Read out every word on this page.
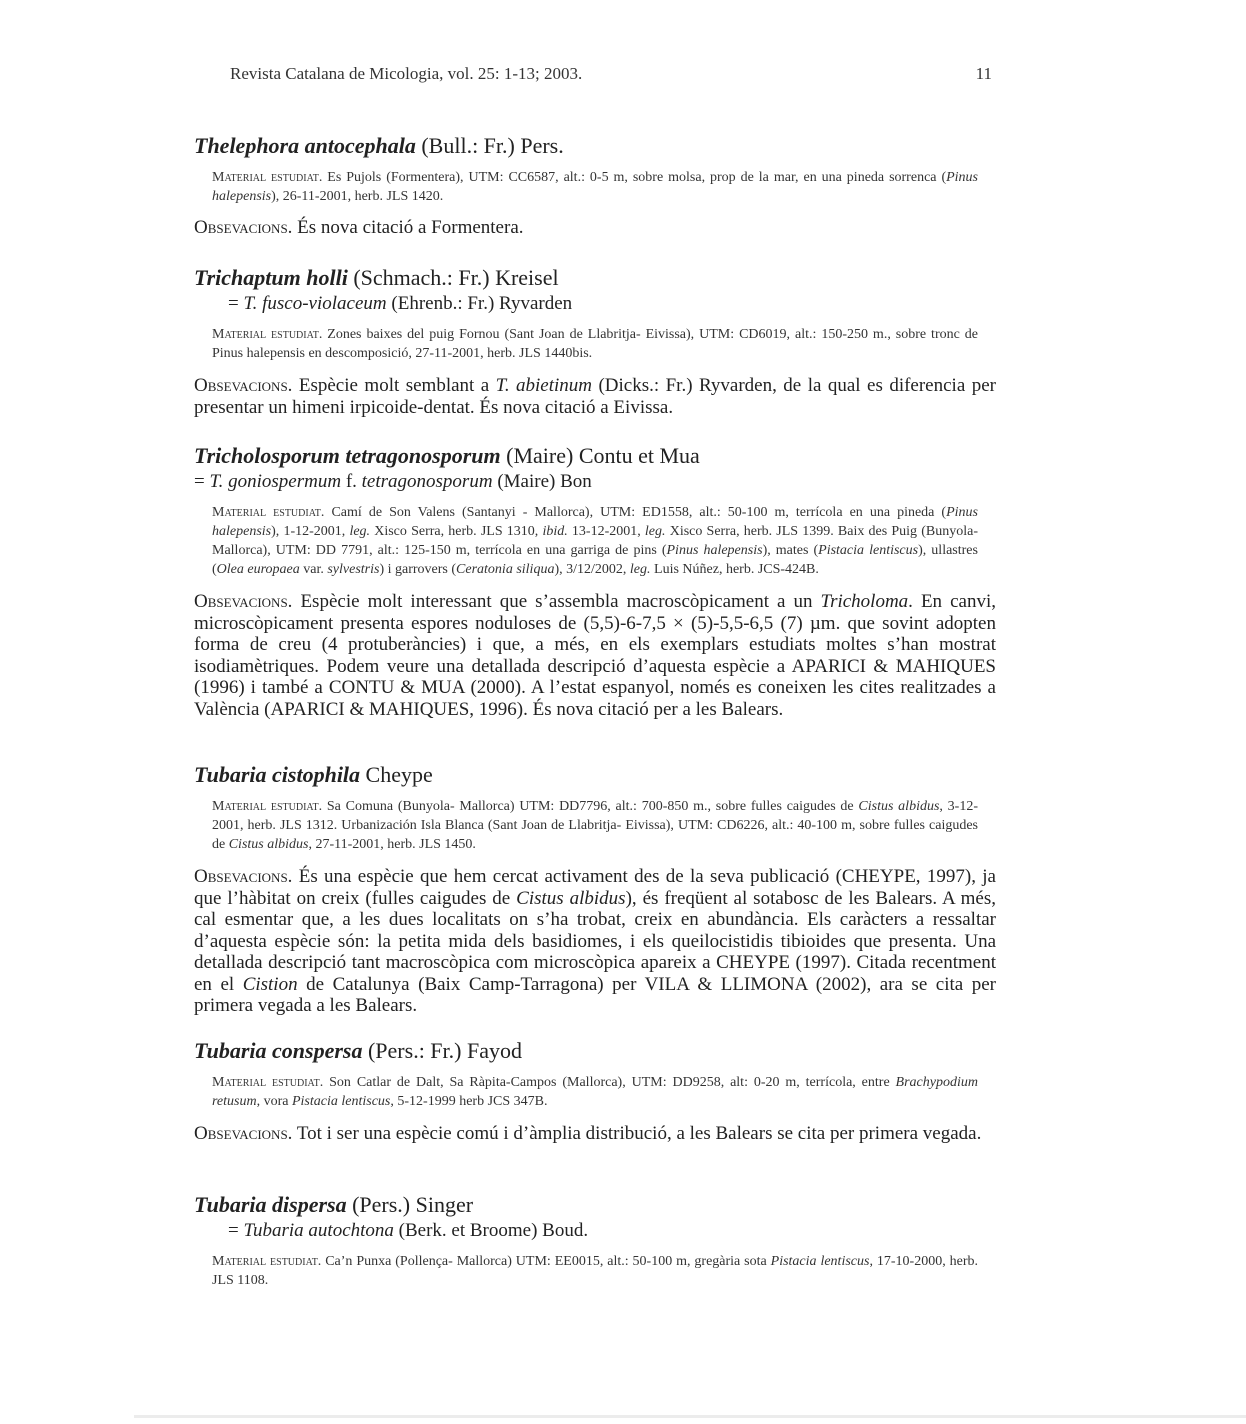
Revista Catalana de Micologia, vol. 25: 1-13; 2003.	11
Thelephora antocephala (Bull.: Fr.) Pers.
Material estudiat. Es Pujols (Formentera), UTM: CC6587, alt.: 0-5 m, sobre molsa, prop de la mar, en una pineda sorrenca (Pinus halepensis), 26-11-2001, herb. JLS 1420.
Obsevacions. És nova citació a Formentera.
Trichaptum holli (Schmach.: Fr.) Kreisel
= T. fusco-violaceum (Ehrenb.: Fr.) Ryvarden
Material estudiat. Zones baixes del puig Fornou (Sant Joan de Llabritja- Eivissa), UTM: CD6019, alt.: 150-250 m., sobre tronc de Pinus halepensis en descomposició, 27-11-2001, herb. JLS 1440bis.
Obsevacions. Espècie molt semblant a T. abietinum (Dicks.: Fr.) Ryvarden, de la qual es diferencia per presentar un himeni irpicoide-dentat. És nova citació a Eivissa.
Tricholosporum tetragonosporum (Maire) Contu et Mua
= T. goniospermum f. tetragonosporum (Maire) Bon
Material estudiat. Camí de Son Valens (Santanyi - Mallorca), UTM: ED1558, alt.: 50-100 m, terrícola en una pineda (Pinus halepensis), 1-12-2001, leg. Xisco Serra, herb. JLS 1310, ibid. 13-12-2001, leg. Xisco Serra, herb. JLS 1399. Baix des Puig (Bunyola- Mallorca), UTM: DD 7791, alt.: 125-150 m, terrícola en una garriga de pins (Pinus halepensis), mates (Pistacia lentiscus), ullastres (Olea europaea var. sylvestris) i garrovers (Ceratonia siliqua), 3/12/2002, leg. Luis Núñez, herb. JCS-424B.
Obsevacions. Espècie molt interessant que s’assembla macroscòpicament a un Tricholoma. En canvi, microscòpicament presenta espores noduloses de (5,5)-6-7,5 × (5)-5,5-6,5 (7) µm. que sovint adopten forma de creu (4 protuberàncies) i que, a més, en els exemplars estudiats moltes s’han mostrat isodiamètriques. Podem veure una detallada descripció d’aquesta espècie a APARICI & MAHIQUES (1996) i també a CONTU & MUA (2000). A l’estat espanyol, només es coneixen les cites realitzades a València (APARICI & MAHIQUES, 1996). És nova citació per a les Balears.
Tubaria cistophila Cheype
Material estudiat. Sa Comuna (Bunyola- Mallorca) UTM: DD7796, alt.: 700-850 m., sobre fulles caigudes de Cistus albidus, 3-12-2001, herb. JLS 1312. Urbanización Isla Blanca (Sant Joan de Llabritja- Eivissa), UTM: CD6226, alt.: 40-100 m, sobre fulles caigudes de Cistus albidus, 27-11-2001, herb. JLS 1450.
Obsevacions. És una espècie que hem cercat activament des de la seva publicació (CHEYPE, 1997), ja que l’hàbitat on creix (fulles caigudes de Cistus albidus), és freqüent al sotabosc de les Balears. A més, cal esmentar que, a les dues localitats on s’ha trobat, creix en abundància. Els caràcters a ressaltar d’aquesta espècie són: la petita mida dels basidiomes, i els queilocistidis tibioides que presenta. Una detallada descripció tant macroscòpica com microscòpica apareix a CHEYPE (1997). Citada recentment en el Cistion de Catalunya (Baix Camp-Tarragona) per VILA & LLIMONA (2002), ara se cita per primera vegada a les Balears.
Tubaria conspersa (Pers.: Fr.) Fayod
Material estudiat. Son Catlar de Dalt, Sa Ràpita-Campos (Mallorca), UTM: DD9258, alt: 0-20 m, terrícola, entre Brachypodium retusum, vora Pistacia lentiscus, 5-12-1999 herb JCS 347B.
Obsevacions. Tot i ser una espècie comú i d’àmplia distribució, a les Balears se cita per primera vegada.
Tubaria dispersa (Pers.) Singer
= Tubaria autochtona (Berk. et Broome) Boud.
Material estudiat. Ca’n Punxa (Pollença- Mallorca) UTM: EE0015, alt.: 50-100 m, gregària sota Pistacia lentiscus, 17-10-2000, herb. JLS 1108.
